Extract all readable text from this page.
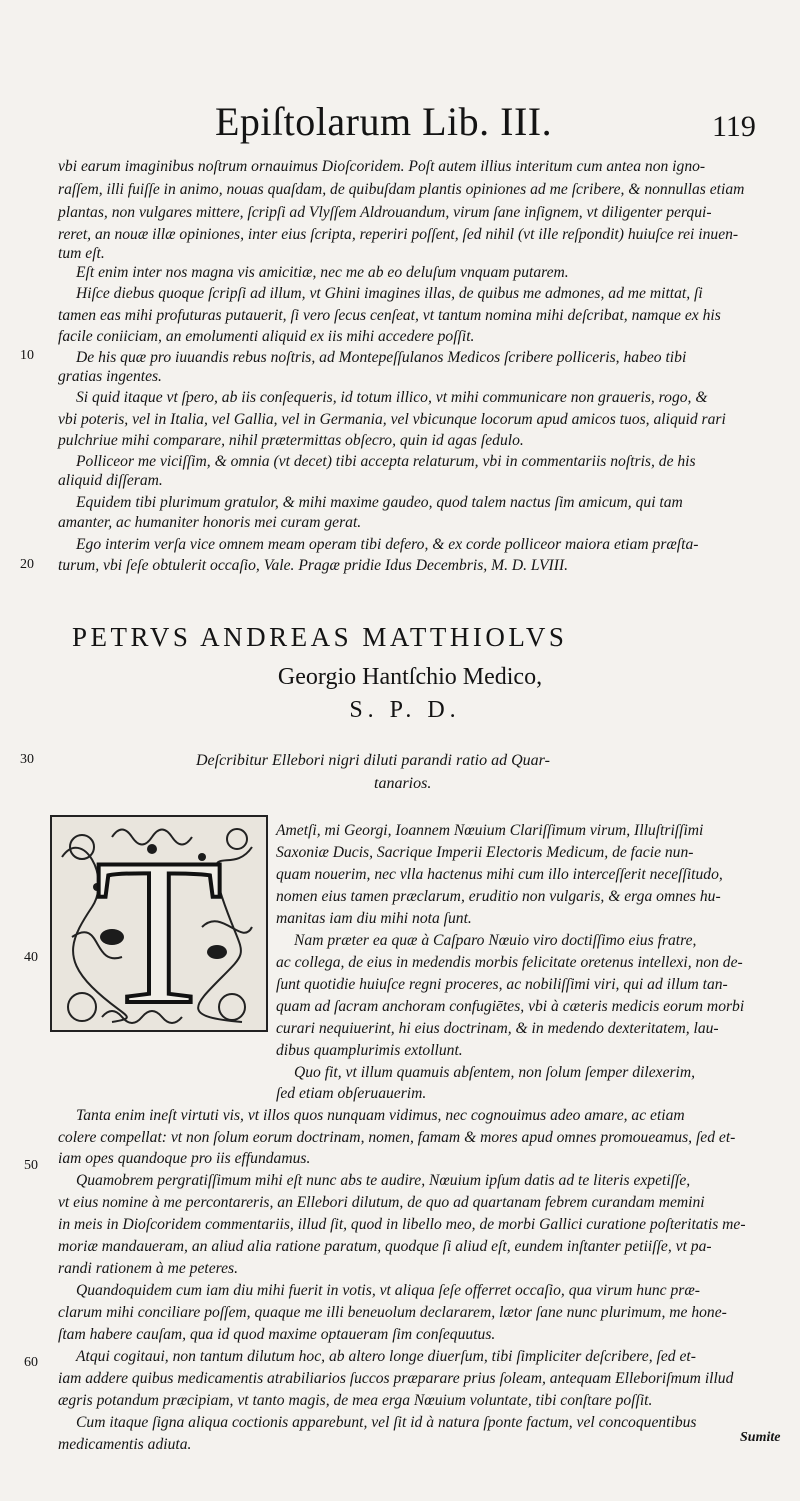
Epiſtolarum Lib. III.	119
vbi earum imaginibus noſtrum ornauimus Dioſcoridem. Poſt autem illius interitum cum antea non igno-
raſſem, illi fuiſſe in animo, nouas quaſdam, de quibuſdam plantis opiniones ad me ſcribere, & nonnullas etiam
plantas, non vulgares mittere, ſcripſi ad Vlyſſem Aldrouandum, virum ſane inſignem, vt diligenter perqui-
reret, an nouæ illæ opiniones, inter eius ſcripta, reperiri poſſent, ſed nihil (vt ille reſpondit) huiuſce rei inuen-
tum eſt.
Eſt enim inter nos magna vis amicitiæ, nec me ab eo deluſum vnquam putarem.
Hiſce diebus quoque ſcripſi ad illum, vt Ghini imagines illas, de quibus me admones, ad me mittat, ſi
tamen eas mihi profuturas putauerit, ſi vero ſecus cenſeat, vt tantum nomina mihi deſcribat, namque ex his
facile coniiciam, an emolumenti aliquid ex iis mihi accedere poſſit.
De his quæ pro iuuandis rebus noſtris, ad Montepeſſulanos Medicos ſcribere polliceris, habeo tibi
gratias ingentes.
Si quid itaque vt ſpero, ab iis conſequeris, id totum illico, vt mihi communicare non graueris, rogo, &
vbi poteris, vel in Italia, vel Gallia, vel in Germania, vel vbicunque locorum apud amicos tuos, aliquid rari
pulchriue mihi comparare, nihil prætermittas obſecro, quin id agas ſedulo.
Polliceor me viciſſim, & omnia (vt decet) tibi accepta relaturum, vbi in commentariis noſtris, de his
aliquid diſſeram.
Equidem tibi plurimum gratulor, & mihi maxime gaudeo, quod talem nactus ſim amicum, qui tam
amanter, ac humaniter honoris mei curam gerat.
Ego interim verſa vice omnem meam operam tibi defero, & ex corde polliceor maiora etiam præſta-
turum, vbi ſeſe obtulerit occaſio, Vale. Pragæ pridie Idus Decembris, M. D. LVIII.
10
20
30
40
50
60
PETRVS ANDREAS MATTHIOLVS
Georgio Hantſchio Medico,
S. P. D.
Deſcribitur Ellebori nigri diluti parandi ratio ad Quar-
tanarios.
T	Ametſi, mi Georgi, Ioannem Nœuium Clariſſimum virum, Illuſtriſſimi
Saxoniæ Ducis, Sacrique Imperii Electoris Medicum, de facie nun-
quam nouerim, nec vlla hactenus mihi cum illo interceſſerit neceſſitudo,
nomen eius tamen præclarum, eruditio non vulgaris, & erga omnes hu-
manitas iam diu mihi nota ſunt.
Nam præter ea quæ à Caſparo Nœuio viro doctiſſimo eius fratre,
ac collega, de eius in medendis morbis felicitate oretenus intellexi, non de-
ſunt quotidie huiuſce regni proceres, ac nobiliſſimi viri, qui ad illum tan-
quam ad ſacram anchoram confugiētes, vbi à cæteris medicis eorum morbi
curari nequiuerint, hi eius doctrinam, & in medendo dexteritatem, lau-
dibus quamplurimis extollunt.
Quo fit, vt illum quamuis abſentem, non ſolum ſemper dilexerim,
ſed etiam obſeruauerim.
Tanta enim ineſt virtuti vis, vt illos quos nunquam vidimus, nec cognouimus adeo amare, ac etiam
colere compellat: vt non ſolum eorum doctrinam, nomen, famam & mores apud omnes promoueamus, ſed et-
iam opes quandoque pro iis effundamus.
Quamobrem pergratiſſimum mihi eſt nunc abs te audire, Nœuium ipſum datis ad te literis expetiſſe,
vt eius nomine à me percontareris, an Ellebori dilutum, de quo ad quartanam febrem curandam memini
in meis in Dioſcoridem commentariis, illud ſit, quod in libello meo, de morbi Gallici curatione poſteritatis me-
moriæ mandaueram, an aliud alia ratione paratum, quodque ſi aliud eſt, eundem inſtanter petiiſſe, vt pa-
randi rationem à me peteres.
Quandoquidem cum iam diu mihi fuerit in votis, vt aliqua ſeſe offerret occaſio, qua virum hunc præ-
clarum mihi conciliare poſſem, quaque me illi beneuolum declararem, lætor ſane nunc plurimum, me hone-
ſtam habere cauſam, qua id quod maxime optaueram ſim conſequutus.
Atqui cogitaui, non tantum dilutum hoc, ab altero longe diuerſum, tibi ſimpliciter deſcribere, ſed et-
iam addere quibus medicamentis atrabiliarios ſuccos præparare prius ſoleam, antequam Elleboriſmum illud
ægris potandum præcipiam, vt tanto magis, de mea erga Nœuium voluntate, tibi conſtare poſſit.
Cum itaque ſigna aliqua coctionis apparebunt, vel ſit id à natura ſponte factum, vel concoquentibus
medicamentis adiuta.	Sumite
